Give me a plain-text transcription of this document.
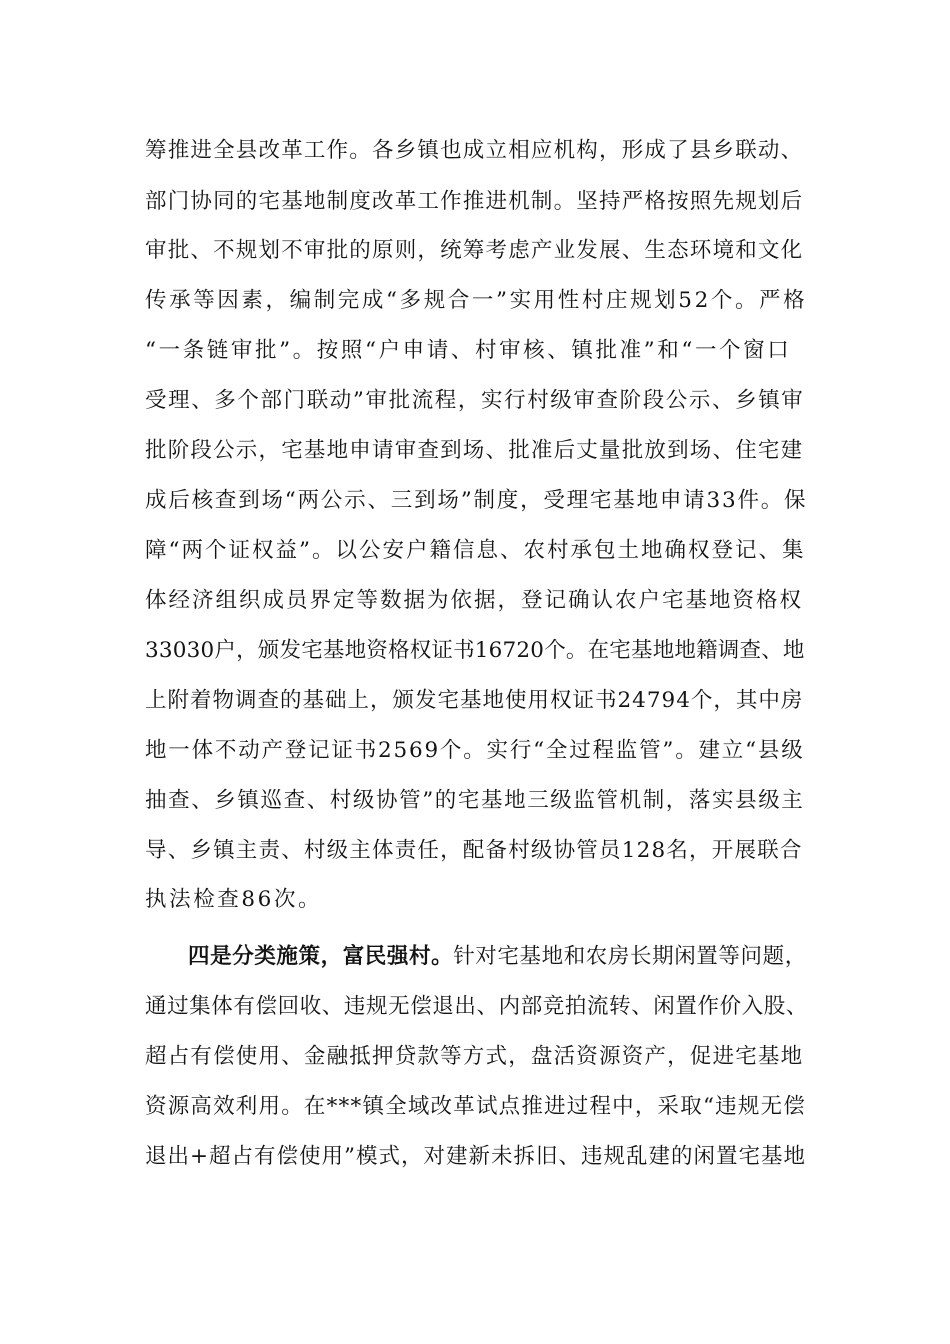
筹推进全县改革工作。各乡镇也成立相应机构，形成了县乡联动、
部门协同的宅基地制度改革工作推进机制。坚持严格按照先规划后
审批、不规划不审批的原则，统筹考虑产业发展、生态环境和文化
传承等因素，编制完成“多规合一”实用性村庄规划52个。严格
“一条链审批”。按照“户申请、村审核、镇批准”和“一个窗口
受理、多个部门联动”审批流程，实行村级审查阶段公示、乡镇审
批阶段公示，宅基地申请审查到场、批准后丈量批放到场、住宅建
成后核查到场“两公示、三到场”制度，受理宅基地申请33件。保
障“两个证权益”。以公安户籍信息、农村承包土地确权登记、集
体经济组织成员界定等数据为依据，登记确认农户宅基地资格权
33030户，颁发宅基地资格权证书16720个。在宅基地地籍调查、地
上附着物调查的基础上，颁发宅基地使用权证书24794个，其中房
地一体不动产登记证书2569个。实行“全过程监管”。建立“县级
抽查、乡镇巡查、村级协管”的宅基地三级监管机制，落实县级主
导、乡镇主责、村级主体责任，配备村级协管员128名，开展联合
执法检查86次。
四是分类施策，富民强村。针对宅基地和农房长期闲置等问题，
通过集体有偿回收、违规无偿退出、内部竞拍流转、闲置作价入股、
超占有偿使用、金融抵押贷款等方式，盘活资源资产，促进宅基地
资源高效利用。在***镇全域改革试点推进过程中，采取“违规无偿
退出+超占有偿使用”模式，对建新未拆旧、违规乱建的闲置宅基地
